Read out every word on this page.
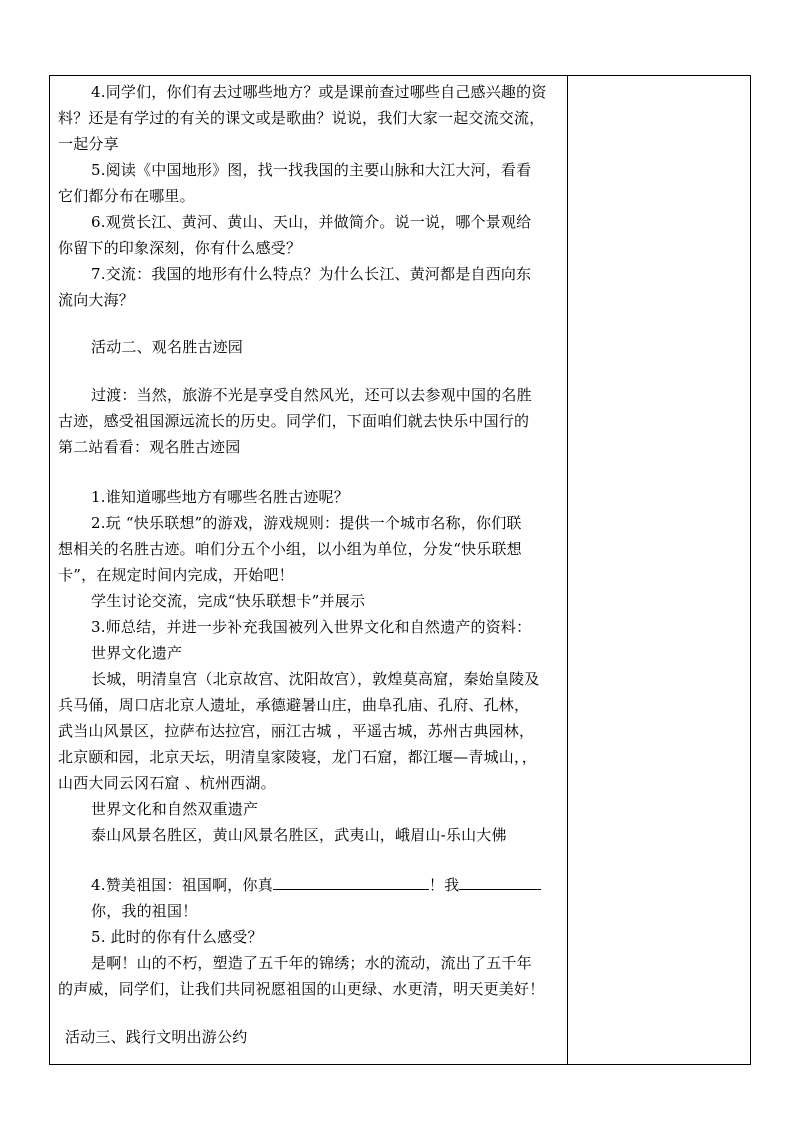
4.同学们，你们有去过哪些地方？或是课前查过哪些自己感兴趣的资
料？还是有学过的有关的课文或是歌曲？说说，我们大家一起交流交流，
一起分享
5.阅读《中国地形》图，找一找我国的主要山脉和大江大河，看看
它们都分布在哪里。
6.观赏长江、黄河、黄山、天山，并做简介。说一说，哪个景观给
你留下的印象深刻，你有什么感受？
7.交流：我国的地形有什么特点？为什么长江、黄河都是自西向东
流向大海？
活动二、观名胜古迹园
过渡：当然，旅游不光是享受自然风光，还可以去参观中国的名胜
古迹，感受祖国源远流长的历史。同学们，下面咱们就去快乐中国行的
第二站看看：观名胜古迹园
1.谁知道哪些地方有哪些名胜古迹呢？
2.玩 “快乐联想”的游戏，游戏规则：提供一个城市名称，你们联
想相关的名胜古迹。咱们分五个小组，以小组为单位，分发“快乐联想
卡”，在规定时间内完成，开始吧！
学生讨论交流，完成“快乐联想卡”并展示
3.师总结，并进一步补充我国被列入世界文化和自然遗产的资料：
世界文化遗产
长城，明清皇宫（北京故宫、沈阳故宫），敦煌莫高窟，秦始皇陵及
兵马俑，周口店北京人遗址，承德避暑山庄，曲阜孔庙、孔府、孔林，
武当山风景区，拉萨布达拉宫，丽江古城 ，平遥古城，苏州古典园林，
北京颐和园，北京天坛，明清皇家陵寝，龙门石窟，都江堰—青城山，，
山西大同云冈石窟 、杭州西湖。
世界文化和自然双重遗产
泰山风景名胜区，黄山风景名胜区，武夷山，峨眉山-乐山大佛
4.赞美祖国：祖国啊，你真	！我
你，我的祖国！
5. 此时的你有什么感受？
是啊！山的不朽，塑造了五千年的锦绣；水的流动，流出了五千年
的声威，同学们，让我们共同祝愿祖国的山更绿、水更清，明天更美好！
活动三、践行文明出游公约
